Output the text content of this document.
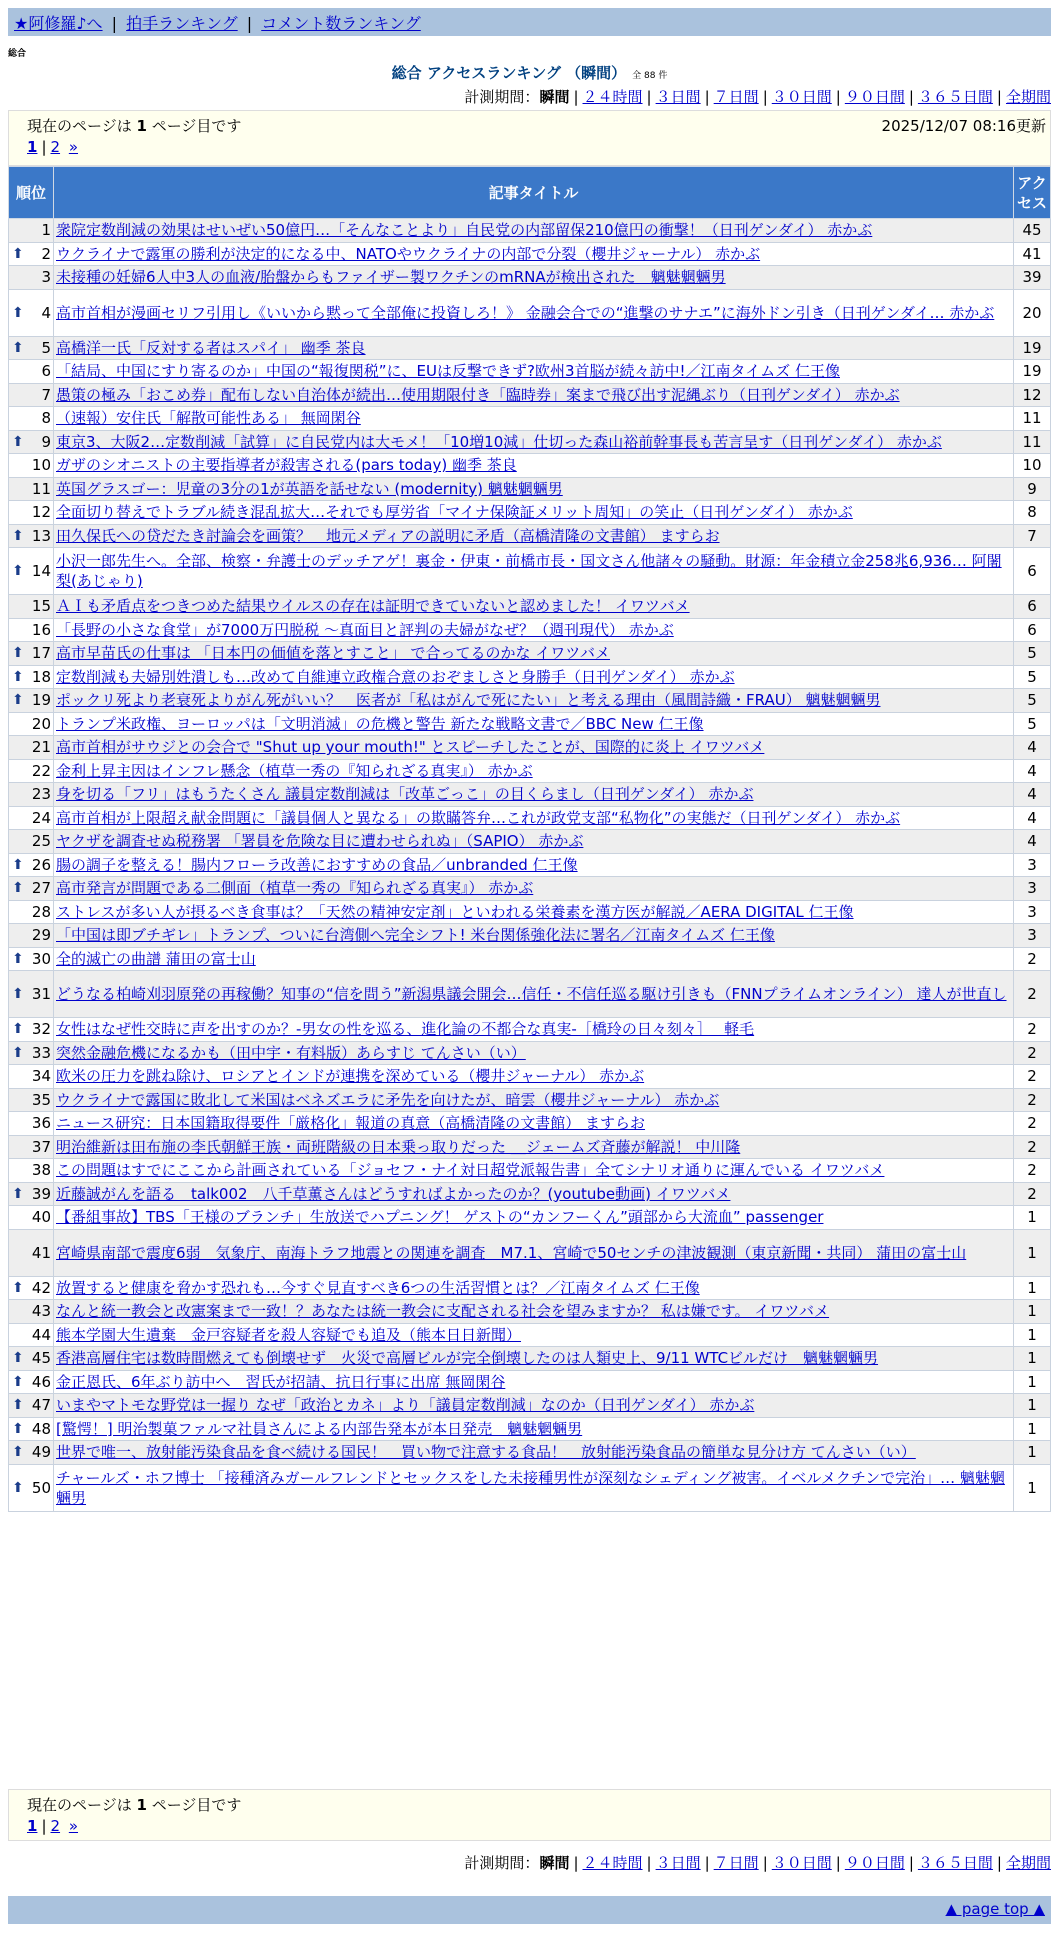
★阿修羅♪へ | 拍手ランキング | コメント数ランキング
総合
総合 アクセスランキング （瞬間） 全 88 件
計測期間：瞬間 | ２４時間 | ３日間 | ７日間 | ３０日間 | ９０日間 | ３６５日間 | 全期間
現在のページは 1 ページ目です	2025/12/07 08:16更新
1 | 2 »
順位	記事タイトル	アクセス
1	衆院定数削減の効果はせいぜい50億円…「そんなことより」自民党の内部留保210億円の衝撃！（日刊ゲンダイ） 赤かぶ	45

⬆ 2	ウクライナで露軍の勝利が決定的になる中、NATOやウクライナの内部で分裂（櫻井ジャーナル） 赤かぶ	41
3	未接種の妊婦6人中3人の血液/胎盤からもファイザー製ワクチンのmRNAが検出された　魑魅魍魎男	39

⬆ 4	高市首相が漫画セリフ引用し《いいから黙って全部俺に投資しろ！》 金融会合での“進撃のサナエ”に海外ドン引き（日刊ゲンダイ… 赤かぶ	20

⬆ 5	高橋洋一氏「反対する者はスパイ」 幽季 茶良	19
6	「結局、中国にすり寄るのか」中国の“報復関税”に、EUは反撃できず?欧州3首脳が続々訪中!／江南タイムズ 仁王像	19
7	愚策の極み「おこめ券」配布しない自治体が続出…使用期限付き「臨時券」案まで飛び出す泥縄ぶり（日刊ゲンダイ） 赤かぶ	12
8	（速報）安住氏「解散可能性ある」 無岡閑谷	11

⬆ 9	東京3、大阪2…定数削減「試算」に自民党内は大モメ！「10増10減」仕切った森山裕前幹事長も苦言呈す（日刊ゲンダイ） 赤かぶ	11
10	ガザのシオニストの主要指導者が殺害される(pars today) 幽季 茶良	10
11	英国グラスゴー：児童の3分の1が英語を話せない (modernity) 魑魅魍魎男	9
12	全面切り替えでトラブル続き混乱拡大…それでも厚労省「マイナ保険証メリット周知」の笑止（日刊ゲンダイ） 赤かぶ	8

⬆ 13	田久保氏への贷だたき討論会を画策？　地元メディアの説明に矛盾（高橋清隆の文書館） ますらお	7

⬆ 14	小沢一郎先生へ。全部、検察・弁護士のデッチアゲ！裏金・伊東・前橋市長・国文さん他諸々の騒動。財源：年金積立金258兆6,936… 阿闍梨(あじゃり)	6
15	ＡＩも矛盾点をつきつめた結果ウイルスの存在は証明できていないと認めました！ イワツバメ	6
16	「長野の小さな食堂」が7000万円脱税 ～真面目と評判の夫婦がなぜ？（週刊現代） 赤かぶ	6

⬆ 17	高市早苗氏の仕事は 「日本円の価値を落とすこと」 で合ってるのかな イワツバメ	5

⬆ 18	定数削減も夫婦別姓潰しも…改めて自維連立政権合意のおぞましさと身勝手（日刊ゲンダイ） 赤かぶ	5

⬆ 19	ポックリ死より老衰死よりがん死がいい？　医者が「私はがんで死にたい」と考える理由（風間詩織・FRAU） 魑魅魍魎男	5
20	トランプ米政権、ヨーロッパは「文明消滅」の危機と警告 新たな戦略文書で／BBC New 仁王像	5
21	高市首相がサウジとの会合で "Shut up your mouth!" とスピーチしたことが、国際的に炎上 イワツバメ	4
22	金利上昇主因はインフレ懸念（植草一秀の『知られざる真実』） 赤かぶ	4
23	身を切る「フリ」はもうたくさん 議員定数削減は「改革ごっこ」の目くらまし（日刊ゲンダイ） 赤かぶ	4
24	高市首相が上限超え献金問題に「議員個人と異なる」の欺瞞答弁…これが政党支部“私物化”の実態だ（日刊ゲンダイ） 赤かぶ	4
25	ヤクザを調査せぬ税務署 「署員を危険な目に遭わせられぬ」（SAPIO） 赤かぶ	4

⬆ 26	腸の調子を整える！腸内フローラ改善におすすめの食品／unbranded 仁王像	3

⬆ 27	高市発言が問題である二側面（植草一秀の『知られざる真実』） 赤かぶ	3
28	ストレスが多い人が摂るべき食事は？「天然の精神安定剤」といわれる栄養素を漢方医が解説／AERA DIGITAL 仁王像	3
29	「中国は即ブチギレ」トランプ、ついに台湾側へ完全シフト! 米台関係強化法に署名／江南タイムズ 仁王像	3

⬆ 30	全的滅亡の曲譜 蒲田の富士山	2

⬆ 31	どうなる柏崎刈羽原発の再稼働？知事の“信を問う”新潟県議会開会…信任・不信任巡る駆け引きも（FNNプライムオンライン） 達人が世直し	2

⬆ 32	女性はなぜ性交時に声を出すのか？-男女の性を巡る、進化論の不都合な真実-［橋玲の日々刻々］　 軽毛	2

⬆ 33	突然金融危機になるかも（田中宇・有料版）あらすじ てんさい（い）	2
34	欧米の圧力を跳ね除け、ロシアとインドが連携を深めている（櫻井ジャーナル） 赤かぶ	2
35	ウクライナで露国に敗北して米国はベネズエラに矛先を向けたが、暗雲（櫻井ジャーナル） 赤かぶ	2
36	ニュース研究：日本国籍取得要件「厳格化」報道の真意（高橋清隆の文書館） ますらお	2
37	明治維新は田布施の李氏朝鮮王族・両班階級の日本乗っ取りだった ＿ジェームズ斉藤が解説！ 中川隆	2
38	この問題はすでにここから計画されている「ジョセフ・ナイ対日超党派報告書」全てシナリオ通りに運んでいる イワツバメ	2

⬆ 39	近藤誠がんを語る　talk002　八千草薫さんはどうすればよかったのか？(youtube動画) イワツバメ	2
40	【番組事故】TBS「王様のブランチ」生放送でハプニング！ ゲストの“カンフーくん”頭部から大流血” passenger	1
41	宮崎県南部で震度6弱　気象庁、南海トラフ地震との関連を調査　M7.1、宮崎で50センチの津波観測（東京新聞・共同） 蒲田の富士山	1

⬆ 42	放置すると健康を脅かす恐れも…今すぐ見直すべき6つの生活習慣とは？／江南タイムズ 仁王像	1
43	なんと統一教会と改憲案まで一致！？あなたは統一教会に支配される社会を望みますか？ 私は嫌です。 イワツバメ	1
44	熊本学園大生遺棄　金戸容疑者を殺人容疑でも追及（熊本日日新聞）	1

⬆ 45	香港高層住宅は数時間燃えても倒壊せず　火災で高層ビルが完全倒壊したのは人類史上、9/11 WTCビルだけ　魑魅魍魎男	1

⬆ 46	金正恩氏、6年ぶり訪中へ　習氏が招請、抗日行事に出席 無岡閑谷	1

⬆ 47	いまやマトモな野党は一握り なぜ「政治とカネ」より「議員定数削減」なのか（日刊ゲンダイ） 赤かぶ	1

⬆ 48	[驚愕！] 明治製菓ファルマ社員さんによる内部告発本が本日発売　魑魅魍魎男	1

⬆ 49	世界で唯一、放射能汚染食品を食べ続ける国民！　買い物で注意する食品！　放射能汚染食品の簡単な見分け方 てんさい（い）	1

⬆ 50	チャールズ・ホフ博士 「接種済みガールフレンドとセックスをした未接種男性が深刻なシェディング被害。イベルメクチンで完治」… 魑魅魍魎男	1
現在のページは 1 ページ目です
1 | 2 »
計測期間：瞬間 | ２４時間 | ３日間 | ７日間 | ３０日間 | ９０日間 | ３６５日間 | 全期間
▲ page top ▲
